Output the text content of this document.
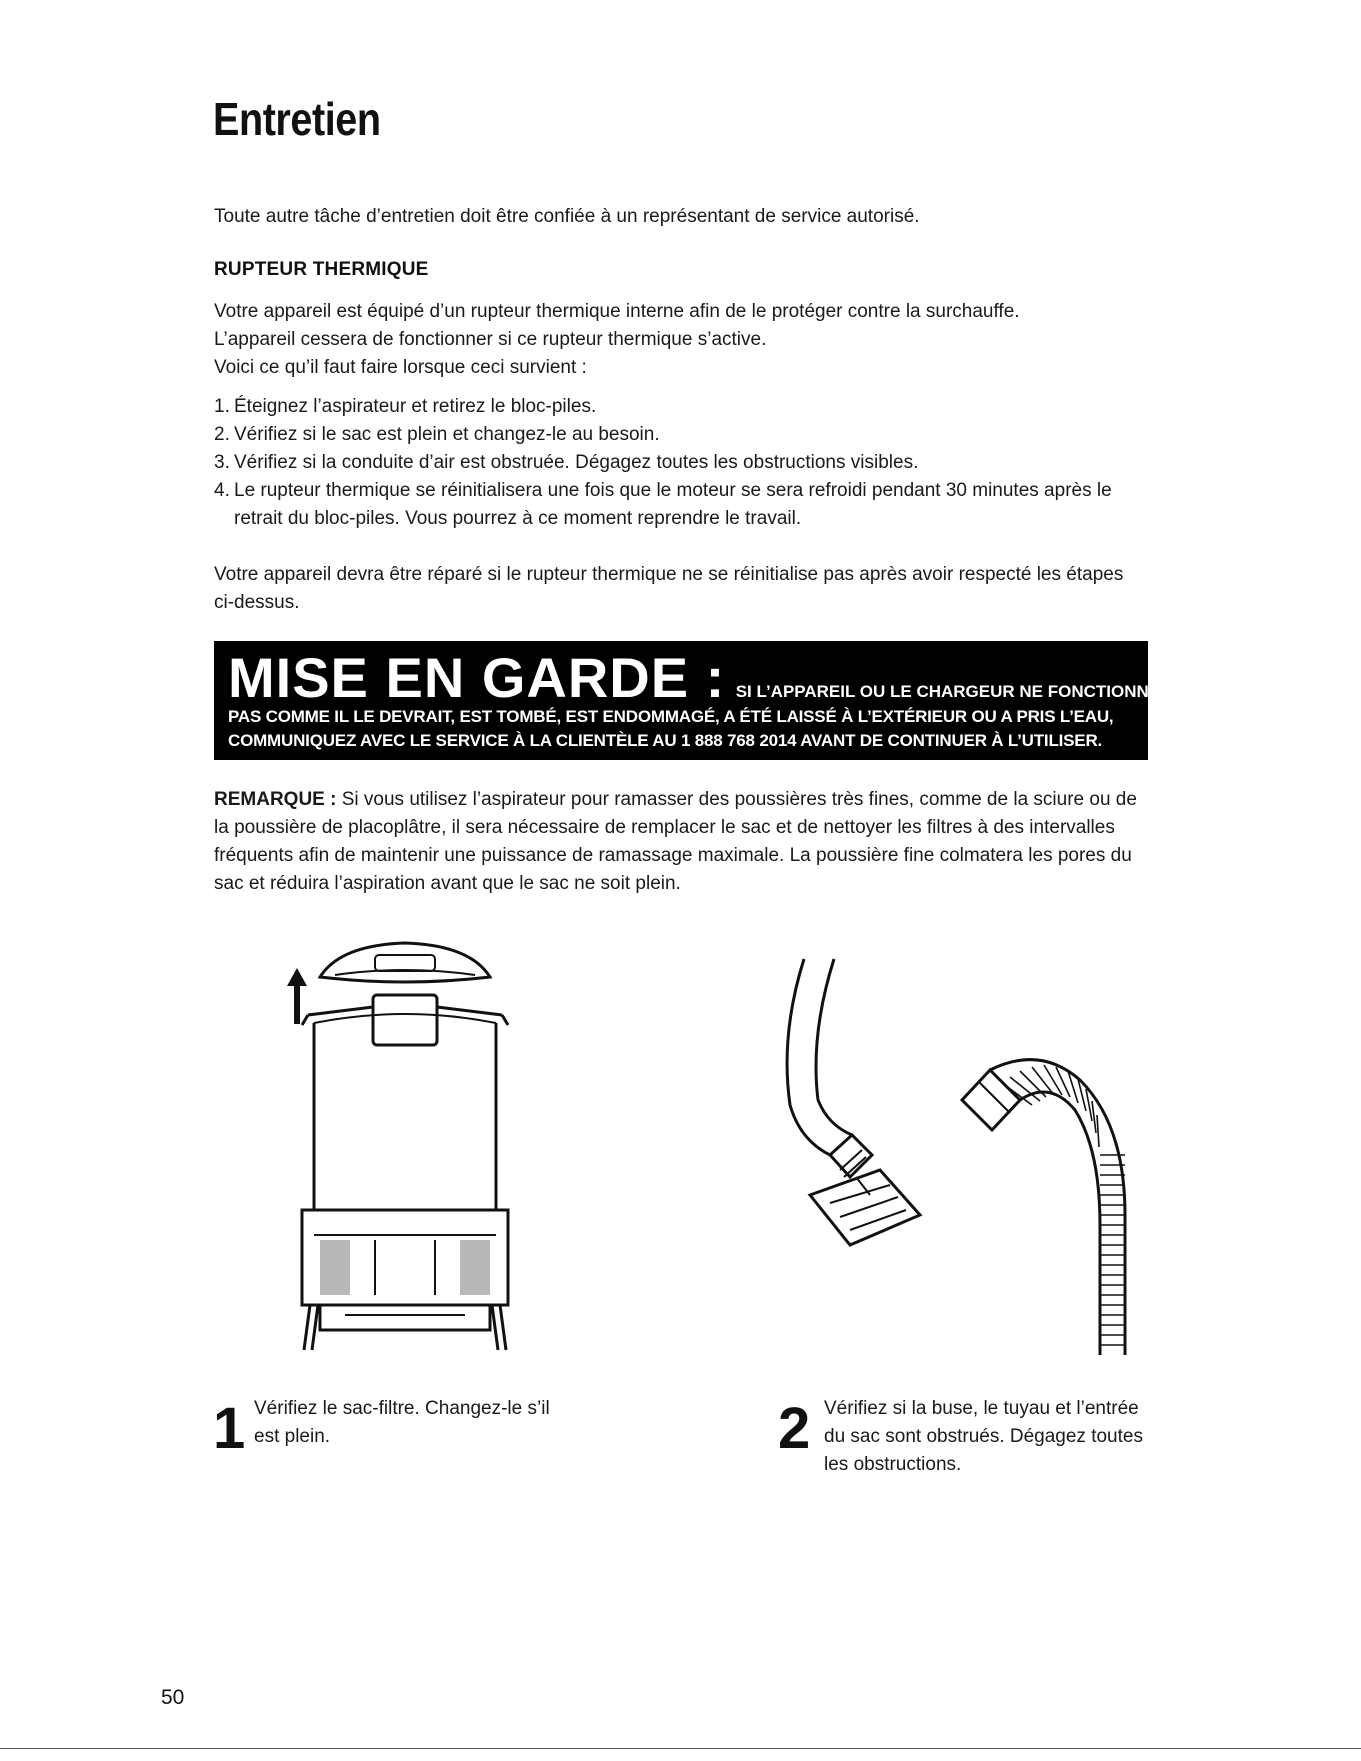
Entretien

Toute autre tâche d’entretien doit être confiée à un représentant de service autorisé.

RUPTEUR THERMIQUE
Votre appareil est équipé d’un rupteur thermique interne afin de le protéger contre la surchauffe.
L’appareil cessera de fonctionner si ce rupteur thermique s’active.
Voici ce qu’il faut faire lorsque ceci survient :
1. Éteignez l’aspirateur et retirez le bloc-piles.
2. Vérifiez si le sac est plein et changez-le au besoin.
3. Vérifiez si la conduite d’air est obstruée. Dégagez toutes les obstructions visibles.
4. Le rupteur thermique se réinitialisera une fois que le moteur se sera refroidi pendant 30 minutes après le retrait du bloc-piles. Vous pourrez à ce moment reprendre le travail.

Votre appareil devra être réparé si le rupteur thermique ne se réinitialise pas après avoir respecté les étapes ci-dessus.

MISE EN GARDE : SI L’APPAREIL OU LE CHARGEUR NE FONCTIONNE
PAS COMME IL LE DEVRAIT, EST TOMBÉ, EST ENDOMMAGÉ, A ÉTÉ LAISSÉ À L’EXTÉRIEUR OU A PRIS L’EAU, COMMUNIQUEZ AVEC LE SERVICE À LA CLIENTÈLE AU 1 888 768 2014 AVANT DE CONTINUER À L’UTILISER.

REMARQUE : Si vous utilisez l’aspirateur pour ramasser des poussières très fines, comme de la sciure ou de la poussière de placoplâtre, il sera nécessaire de remplacer le sac et de nettoyer les filtres à des intervalles fréquents afin de maintenir une puissance de ramassage maximale. La poussière fine colmatera les pores du sac et réduira l’aspiration avant que le sac ne soit plein.

1 Vérifiez le sac-filtre. Changez-le s’il est plein.	2 Vérifiez si la buse, le tuyau et l’entrée du sac sont obstrués. Dégagez toutes les obstructions.

50
